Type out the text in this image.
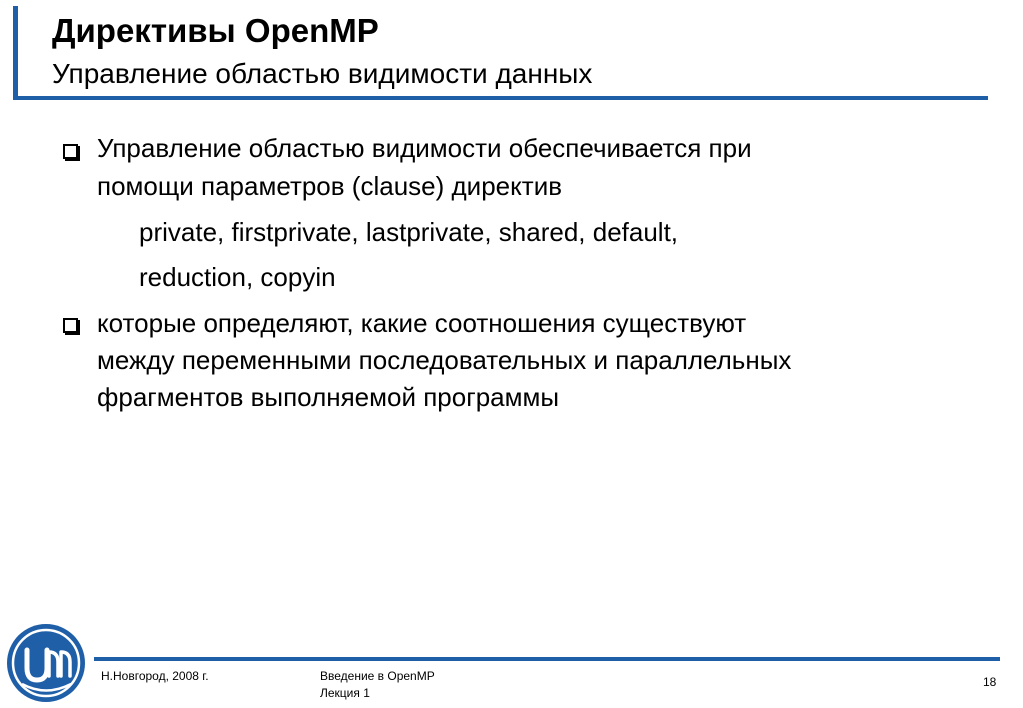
Директивы OpenMP
Управление областью видимости данных
Управление областью видимости обеспечивается при
помощи параметров (clause) директив
private, firstprivate, lastprivate, shared, default,
reduction, copyin
которые определяют, какие соотношения существуют
между переменными последовательных и параллельных
фрагментов выполняемой программы
Н.Новгород, 2008 г.	Введение в OpenMP
Лекция 1
18
